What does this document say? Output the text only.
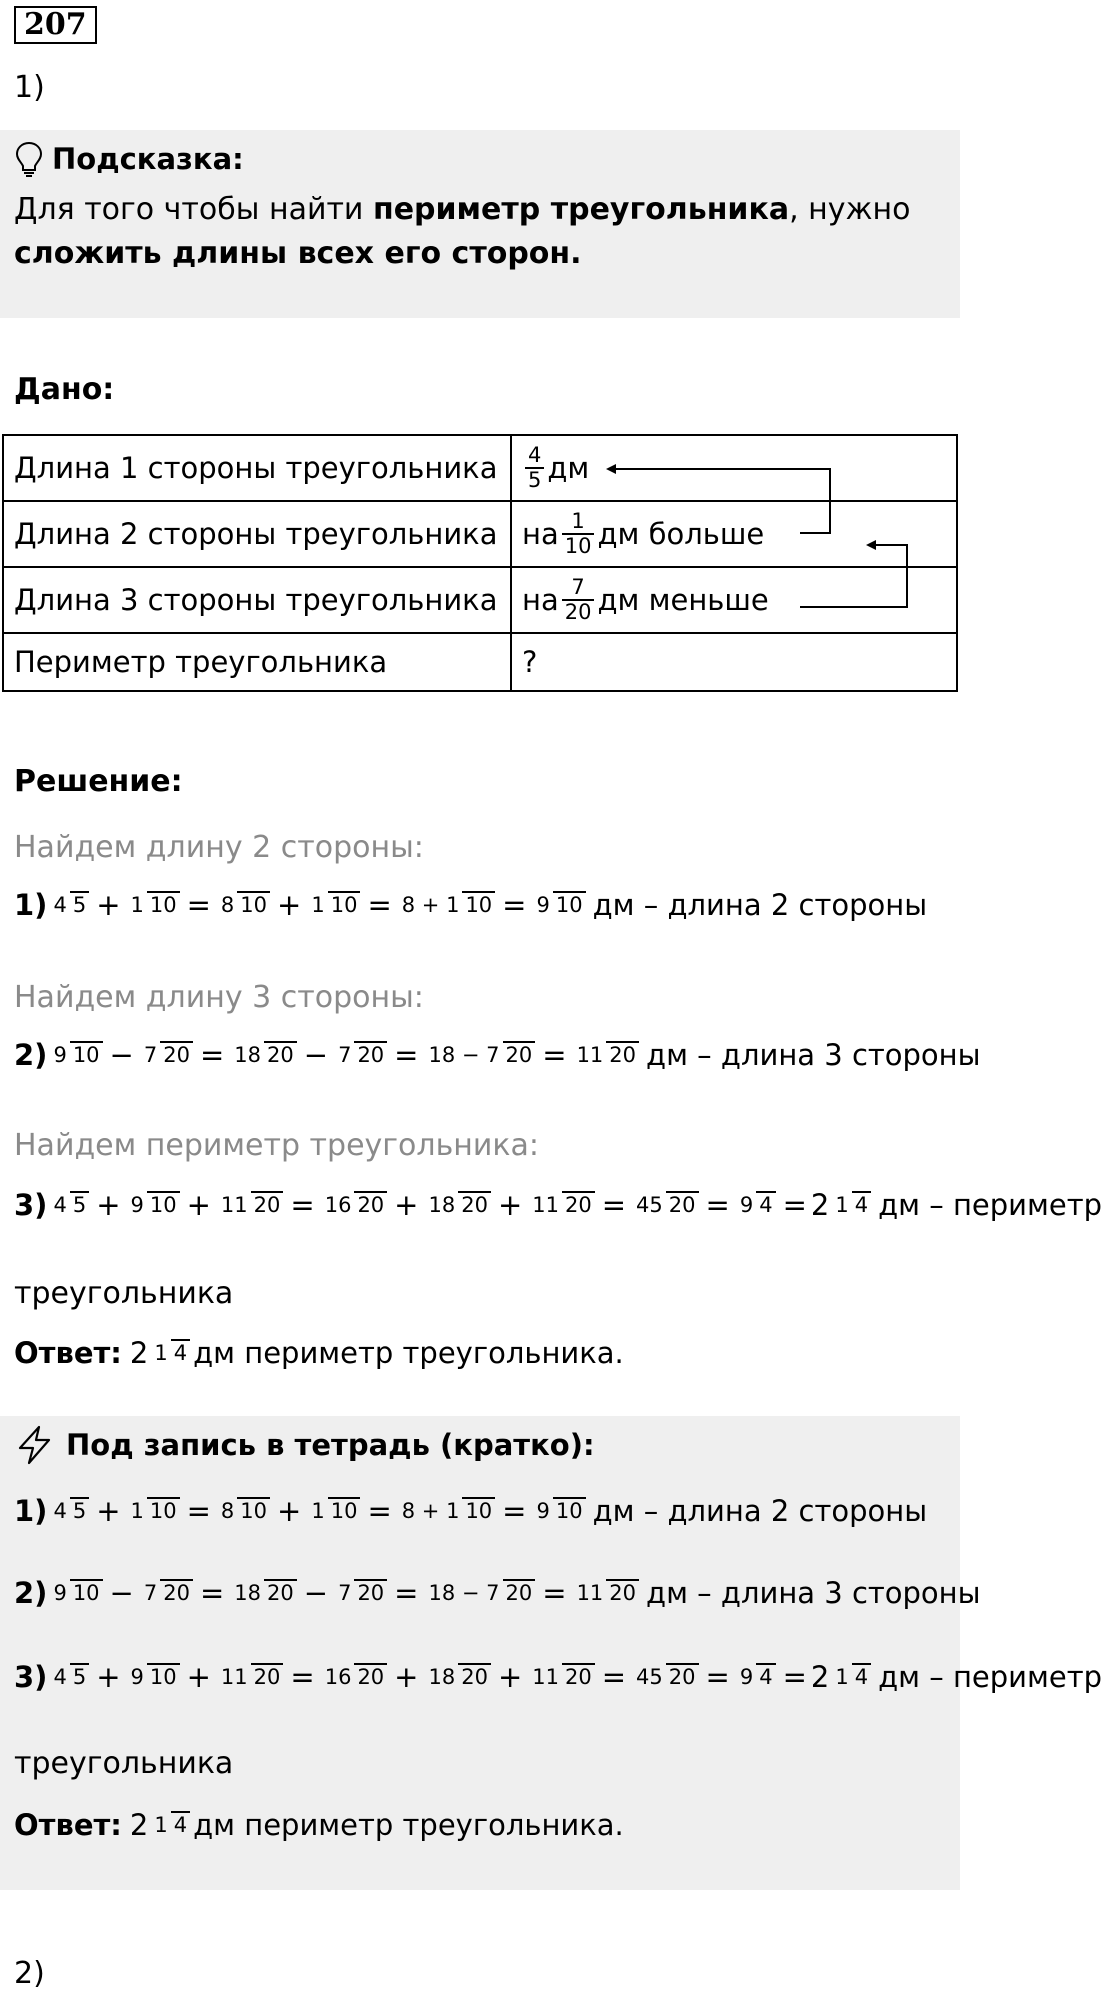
207
1)
Подсказка:
Для того чтобы найти периметр треугольника, нужно
сложить длины всех его сторон.
Дано:
Длина 1 стороны треугольника	$\frac{4}{5}$ дм

Длина 2 стороны треугольника	на $\frac{1}{10}$ дм больше

Длина 3 стороны треугольника	на $\frac{7}{20}$ дм меньше

Периметр треугольника	?
Решение:
Найдем длину 2 стороны:
1) 4 5 + 1 10 = 8 10 + 1 10 = 8 + 1 10 = 9 10 дм – длина 2 стороны
Найдем длину 3 стороны:
2) 9 10 − 7 20 = 18 20 − 7 20 = 18 − 7 20 = 11 20 дм – длина 3 стороны
Найдем периметр треугольника:
3) 4 5 + 9 10 + 11 20 = 16 20 + 18 20 + 11 20 = 45 20 = 9 4 = 2 1 4 дм – периметр
треугольника
Ответ: 2 1 4 дм периметр треугольника.
Под запись в тетрадь (кратко):
1) 4 5 + 1 10 = 8 10 + 1 10 = 8 + 1 10 = 9 10 дм – длина 2 стороны
2) 9 10 − 7 20 = 18 20 − 7 20 = 18 − 7 20 = 11 20 дм – длина 3 стороны
3) 4 5 + 9 10 + 11 20 = 16 20 + 18 20 + 11 20 = 45 20 = 9 4 = 2 1 4 дм – периметр
треугольника
Ответ: 2 1 4 дм периметр треугольника.
2)
